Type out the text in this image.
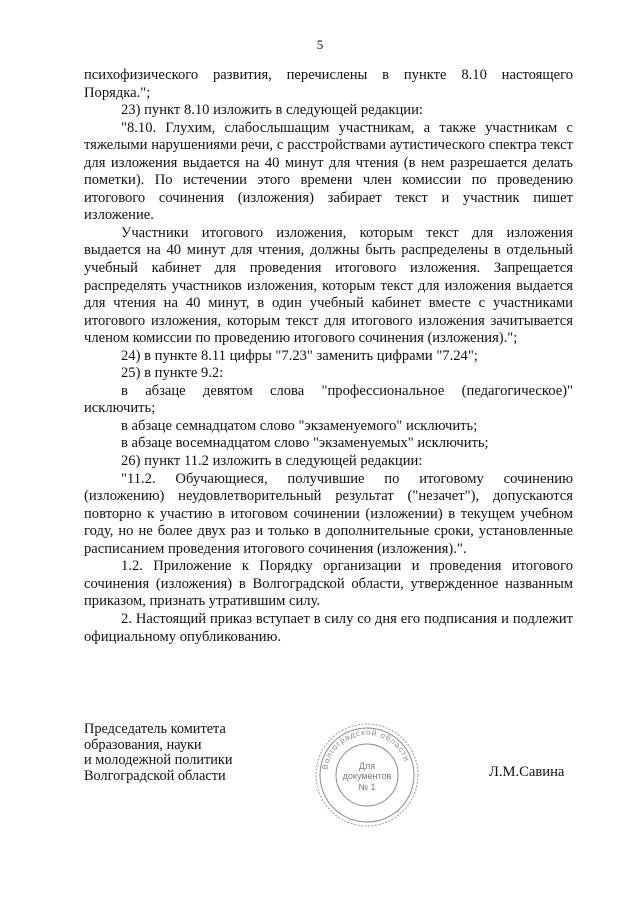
5

психофизического развития, перечислены в пункте 8.10 настоящего Порядка.";

23) пункт 8.10 изложить в следующей редакции:

"8.10. Глухим, слабослышащим участникам, а также участникам с тяжелыми нарушениями речи, с расстройствами аутистического спектра текст для изложения выдается на 40 минут для чтения (в нем разрешается делать пометки). По истечении этого времени член комиссии по проведению итогового сочинения (изложения) забирает текст и участник пишет изложение.

Участники итогового изложения, которым текст для изложения выдается на 40 минут для чтения, должны быть распределены в отдельный учебный кабинет для проведения итогового изложения. Запрещается распределять участников изложения, которым текст для изложения выдается для чтения на 40 минут, в один учебный кабинет вместе с участниками итогового изложения, которым текст для итогового изложения зачитывается членом комиссии по проведению итогового сочинения (изложения).";

24) в пункте 8.11 цифры "7.23" заменить цифрами "7.24";

25) в пункте 9.2:

в абзаце девятом слова "профессиональное (педагогическое)" исключить;

в абзаце семнадцатом слово "экзаменуемого" исключить;

в абзаце восемнадцатом слово "экзаменуемых" исключить;

26) пункт 11.2 изложить в следующей редакции:

"11.2. Обучающиеся, получившие по итоговому сочинению (изложению) неудовлетворительный результат ("незачет"), допускаются повторно к участию в итоговом сочинении (изложении) в текущем учебном году, но не более двух раз и только в дополнительные сроки, установленные расписанием проведения итогового сочинения (изложения).".

1.2. Приложение к Порядку организации и проведения итогового сочинения (изложения) в Волгоградской области, утвержденное названным приказом, признать утратившим силу.

2. Настоящий приказ вступает в силу со дня его подписания и подлежит официальному опубликованию.

Председатель комитета
образования, науки
и молодежной политики
Волгоградской области
Волгоградской области
Для
документов
№ 1
Л.М.Савина
